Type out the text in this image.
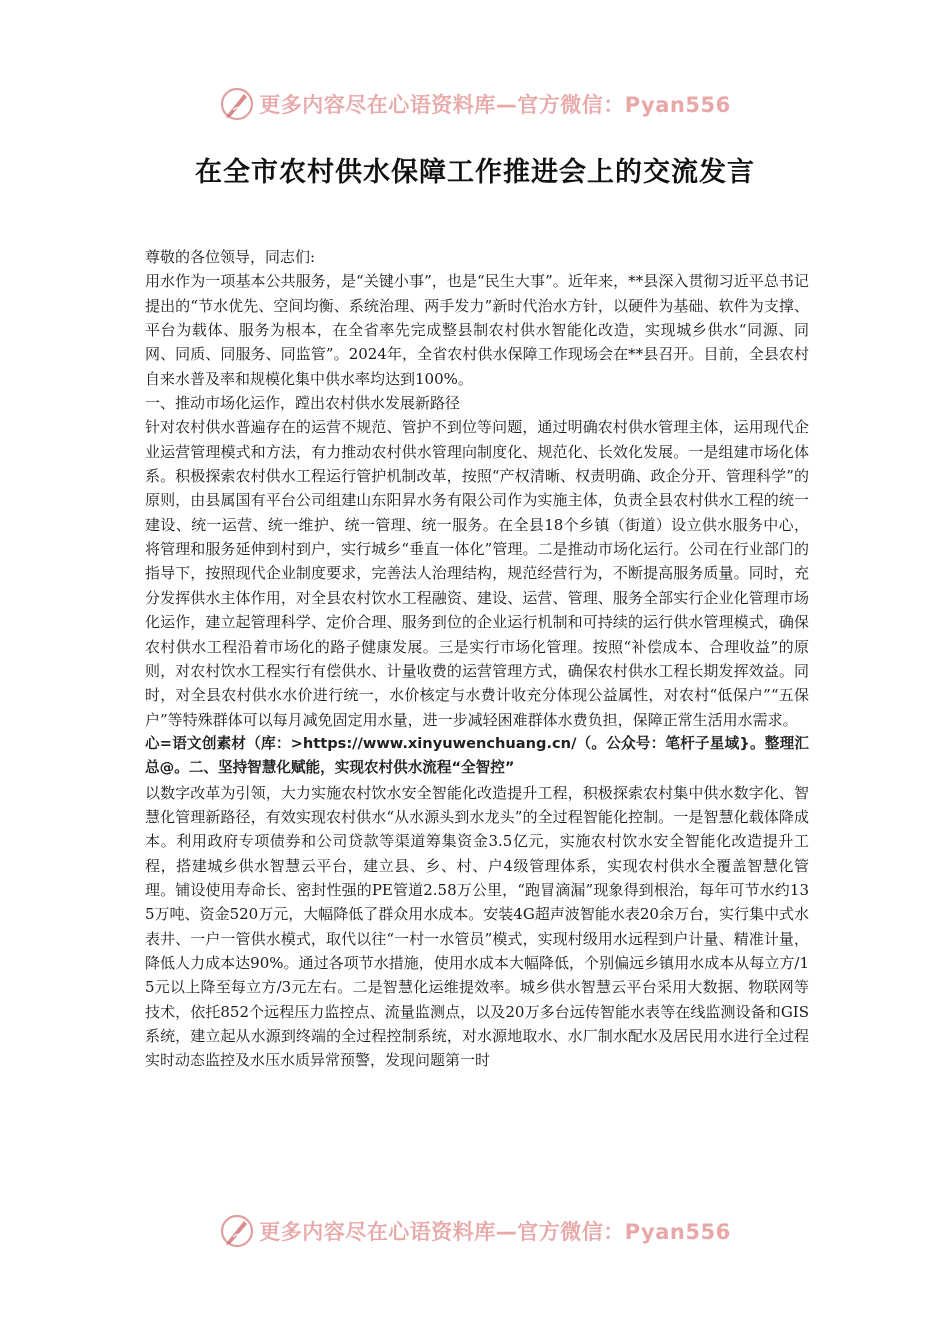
更多内容尽在心语资料库—官方微信：Pyan556
在全市农村供水保障工作推进会上的交流发言

尊敬的各位领导，同志们:

用水作为一项基本公共服务，是“关键小事”，也是“民生大事”。近年来，**县深入贯彻习近平总书记提出的“节水优先、空间均衡、系统治理、两手发力”新时代治水方针，以硬件为基础、软件为支撑、平台为载体、服务为根本，在全省率先完成整县制农村供水智能化改造，实现城乡供水“同源、同网、同质、同服务、同监管”。2024年，全省农村供水保障工作现场会在**县召开。目前，全县农村自来水普及率和规模化集中供水率均达到100%。

一、推动市场化运作，蹚出农村供水发展新路径

针对农村供水普遍存在的运营不规范、管护不到位等问题，通过明确农村供水管理主体，运用现代企业运营管理模式和方法，有力推动农村供水管理向制度化、规范化、长效化发展。一是组建市场化体系。积极探索农村供水工程运行管护机制改革，按照“产权清晰、权责明确、政企分开、管理科学”的原则，由县属国有平台公司组建山东阳昇水务有限公司作为实施主体，负责全县农村供水工程的统一建设、统一运营、统一维护、统一管理、统一服务。在全县18个乡镇（街道）设立供水服务中心，将管理和服务延伸到村到户，实行城乡“垂直一体化”管理。二是推动市场化运行。公司在行业部门的指导下，按照现代企业制度要求，完善法人治理结构，规范经营行为，不断提高服务质量。同时，充分发挥供水主体作用，对全县农村饮水工程融资、建设、运营、管理、服务全部实行企业化管理市场化运作，建立起管理科学、定价合理、服务到位的企业运行机制和可持续的运行供水管理模式，确保农村供水工程沿着市场化的路子健康发展。三是实行市场化管理。按照“补偿成本、合理收益”的原则，对农村饮水工程实行有偿供水、计量收费的运营管理方式，确保农村供水工程长期发挥效益。同时，对全县农村供水水价进行统一，水价核定与水费计收充分体现公益属性，对农村“低保户”“五保户”等特殊群体可以每月减免固定用水量，进一步减轻困难群体水费负担，保障正常生活用水需求。

心=语文创素材（库：>https://www.xinyuwenchuang.cn/（。公众号：笔杆子星域}。整理汇总@。二、坚持智慧化赋能，实现农村供水流程“全智控”

以数字改革为引领，大力实施农村饮水安全智能化改造提升工程，积极探索农村集中供水数字化、智慧化管理新路径，有效实现农村供水“从水源头到水龙头”的全过程智能化控制。一是智慧化载体降成本。利用政府专项债券和公司贷款等渠道筹集资金3.5亿元，实施农村饮水安全智能化改造提升工程，搭建城乡供水智慧云平台，建立县、乡、村、户4级管理体系，实现农村供水全覆盖智慧化管理。铺设使用寿命长、密封性强的PE管道2.58万公里，“跑冒滴漏”现象得到根治，每年可节水约135万吨、资金520万元，大幅降低了群众用水成本。安装4G超声波智能水表20余万台，实行集中式水表井、一户一管供水模式，取代以往“一村一水管员”模式，实现村级用水远程到户计量、精准计量，降低人力成本达90%。通过各项节水措施，使用水成本大幅降低，个别偏远乡镇用水成本从每立方/15元以上降至每立方/3元左右。二是智慧化运维提效率。城乡供水智慧云平台采用大数据、物联网等技术，依托852个远程压力监控点、流量监测点，以及20万多台远传智能水表等在线监测设备和GIS系统，建立起从水源到终端的全过程控制系统，对水源地取水、水厂制水配水及居民用水进行全过程实时动态监控及水压水质异常预警，发现问题第一时

更多内容尽在心语资料库—官方微信：Pyan556
